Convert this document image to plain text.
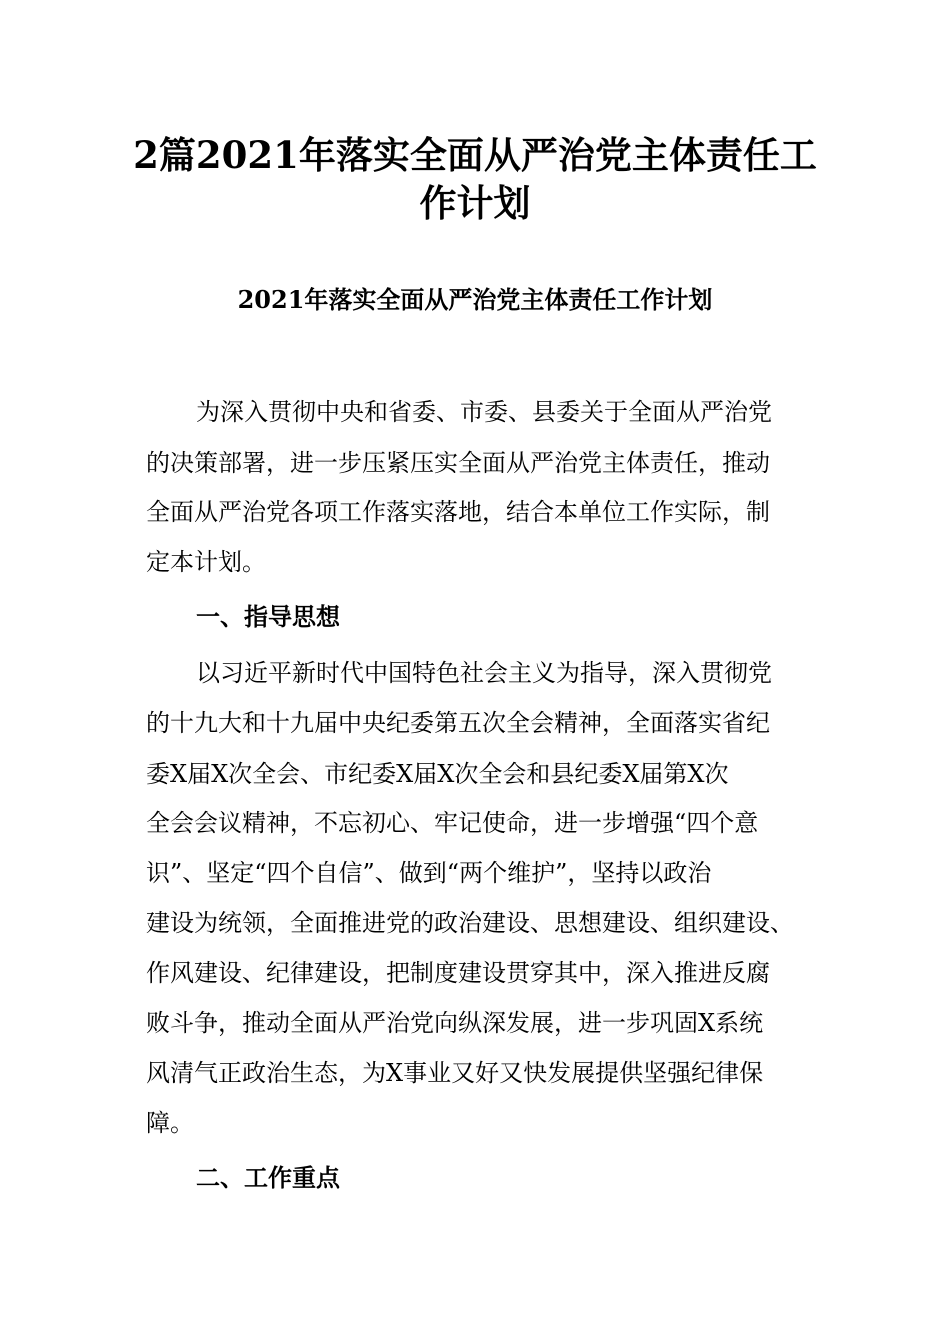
2篇2021年落实全面从严治党主体责任工
作计划
2021年落实全面从严治党主体责任工作计划

为深入贯彻中央和省委、市委、县委关于全面从严治党

的决策部署，进一步压紧压实全面从严治党主体责任，推动

全面从严治党各项工作落实落地，结合本单位工作实际，制

定本计划。

一、指导思想

以习近平新时代中国特色社会主义为指导，深入贯彻党

的十九大和十九届中央纪委第五次全会精神，全面落实省纪

委X届X次全会、市纪委X届X次全会和县纪委X届第X次

全会会议精神，不忘初心、牢记使命，进一步增强“四个意

识”、坚定“四个自信”、做到“两个维护”，坚持以政治

建设为统领，全面推进党的政治建设、思想建设、组织建设、

作风建设、纪律建设，把制度建设贯穿其中，深入推进反腐

败斗争，推动全面从严治党向纵深发展，进一步巩固X系统

风清气正政治生态，为X事业又好又快发展提供坚强纪律保

障。

二、工作重点
